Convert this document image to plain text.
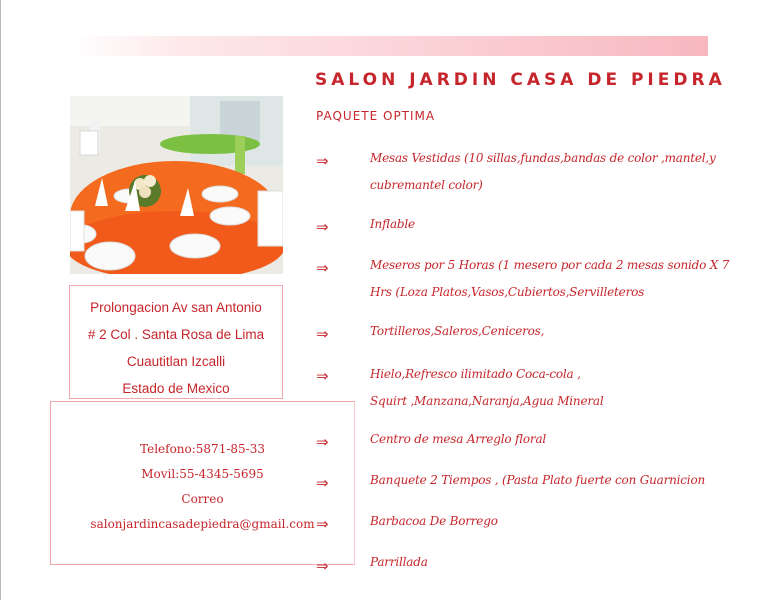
SALON JARDIN CASA DE PIEDRA
PAQUETE OPTIMA
Prolongacion Av san Antonio
# 2 Col . Santa Rosa de Lima
Cuautitlan Izcalli
Estado de Mexico
Telefono:5871-85-33
Movil:55-4345-5695
Correo
salonjardincasadepiedra@gmail.com
⇒	Mesas Vestidas (10 sillas,fundas,bandas de color ,mantel,y
cubremantel color)
⇒	Inflable
⇒	Meseros por 5 Horas (1 mesero por cada 2 mesas sonido X 7
Hrs (Loza Platos,Vasos,Cubiertos,Servilleteros
⇒	Tortilleros,Saleros,Ceniceros,
⇒	Hielo,Refresco ilimitado Coca-cola ,
Squirt ,Manzana,Naranja,Agua Mineral
⇒	Centro de mesa Arreglo floral
⇒	Banquete 2 Tiempos , (Pasta Plato fuerte con Guarnicion
⇒	Barbacoa De Borrego
⇒	Parrillada
